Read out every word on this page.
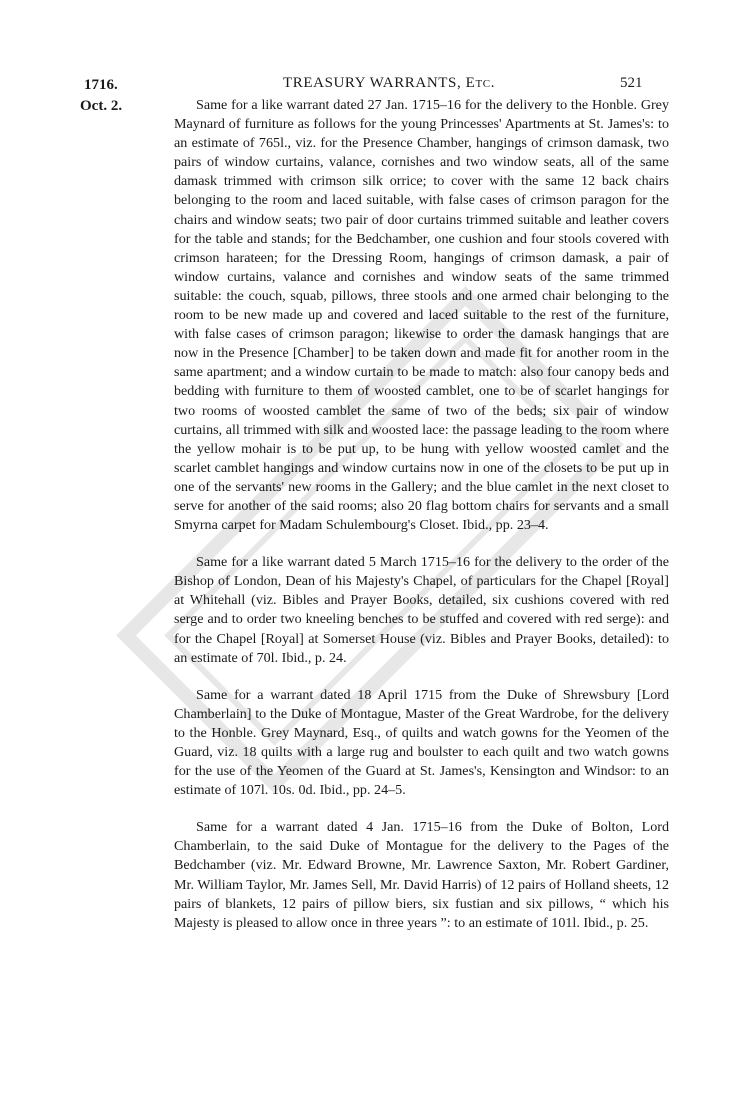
1716.
Oct. 2.
TREASURY WARRANTS, Etc.	521

Same for a like warrant dated 27 Jan. 1715–16 for the delivery to the Honble. Grey Maynard of furniture as follows for the young Princesses' Apartments at St. James's: to an estimate of 765l., viz. for the Presence Chamber, hangings of crimson damask, two pairs of window curtains, valance, cornishes and two window seats, all of the same damask trimmed with crimson silk orrice; to cover with the same 12 back chairs belonging to the room and laced suitable, with false cases of crimson paragon for the chairs and window seats; two pair of door curtains trimmed suitable and leather covers for the table and stands; for the Bedchamber, one cushion and four stools covered with crimson harateen; for the Dressing Room, hangings of crimson damask, a pair of window curtains, valance and cornishes and window seats of the same trimmed suitable: the couch, squab, pillows, three stools and one armed chair belonging to the room to be new made up and covered and laced suitable to the rest of the furniture, with false cases of crimson paragon; likewise to order the damask hangings that are now in the Presence [Chamber] to be taken down and made fit for another room in the same apartment; and a window curtain to be made to match: also four canopy beds and bedding with furniture to them of woosted camblet, one to be of scarlet hangings for two rooms of woosted camblet the same of two of the beds; six pair of window curtains, all trimmed with silk and woosted lace: the passage leading to the room where the yellow mohair is to be put up, to be hung with yellow woosted camlet and the scarlet camblet hangings and window curtains now in one of the closets to be put up in one of the servants' new rooms in the Gallery; and the blue camlet in the next closet to serve for another of the said rooms; also 20 flag bottom chairs for servants and a small Smyrna carpet for Madam Schulembourg's Closet. Ibid., pp. 23–4.

Same for a like warrant dated 5 March 1715–16 for the delivery to the order of the Bishop of London, Dean of his Majesty's Chapel, of particulars for the Chapel [Royal] at Whitehall (viz. Bibles and Prayer Books, detailed, six cushions covered with red serge and to order two kneeling benches to be stuffed and covered with red serge): and for the Chapel [Royal] at Somerset House (viz. Bibles and Prayer Books, detailed): to an estimate of 70l. Ibid., p. 24.

Same for a warrant dated 18 April 1715 from the Duke of Shrewsbury [Lord Chamberlain] to the Duke of Montague, Master of the Great Wardrobe, for the delivery to the Honble. Grey Maynard, Esq., of quilts and watch gowns for the Yeomen of the Guard, viz. 18 quilts with a large rug and boulster to each quilt and two watch gowns for the use of the Yeomen of the Guard at St. James's, Kensington and Windsor: to an estimate of 107l. 10s. 0d. Ibid., pp. 24–5.

Same for a warrant dated 4 Jan. 1715–16 from the Duke of Bolton, Lord Chamberlain, to the said Duke of Montague for the delivery to the Pages of the Bedchamber (viz. Mr. Edward Browne, Mr. Lawrence Saxton, Mr. Robert Gardiner, Mr. William Taylor, Mr. James Sell, Mr. David Harris) of 12 pairs of Holland sheets, 12 pairs of blankets, 12 pairs of pillow biers, six fustian and six pillows, “ which his Majesty is pleased to allow once in three years ”: to an estimate of 101l. Ibid., p. 25.
